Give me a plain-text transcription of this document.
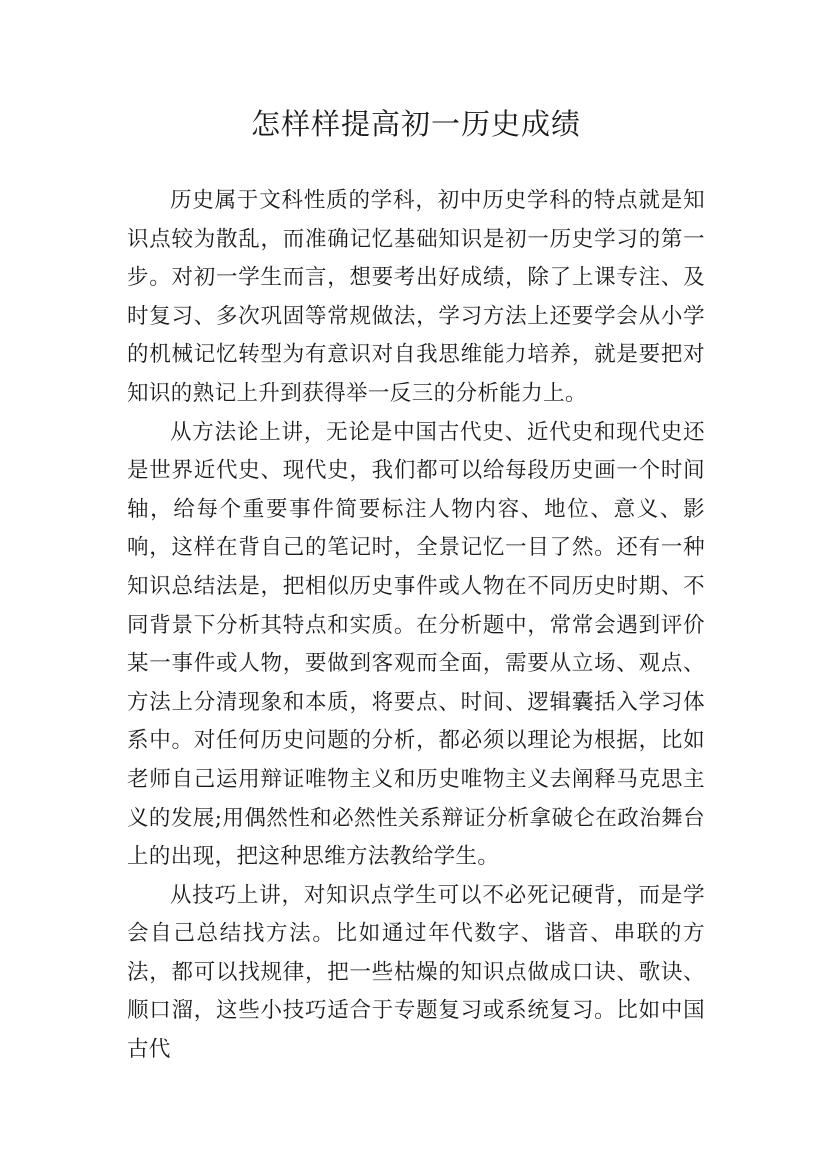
怎样样提高初一历史成绩

历史属于文科性质的学科，初中历史学科的特点就是知识点较为散乱，而准确记忆基础知识是初一历史学习的第一步。对初一学生而言，想要考出好成绩，除了上课专注、及时复习、多次巩固等常规做法，学习方法上还要学会从小学的机械记忆转型为有意识对自我思维能力培养，就是要把对知识的熟记上升到获得举一反三的分析能力上。

从方法论上讲，无论是中国古代史、近代史和现代史还是世界近代史、现代史，我们都可以给每段历史画一个时间轴，给每个重要事件简要标注人物内容、地位、意义、影响，这样在背自己的笔记时，全景记忆一目了然。还有一种知识总结法是，把相似历史事件或人物在不同历史时期、不同背景下分析其特点和实质。在分析题中，常常会遇到评价某一事件或人物，要做到客观而全面，需要从立场、观点、方法上分清现象和本质，将要点、时间、逻辑囊括入学习体系中。对任何历史问题的分析，都必须以理论为根据，比如老师自己运用辩证唯物主义和历史唯物主义去阐释马克思主义的发展;用偶然性和必然性关系辩证分析拿破仑在政治舞台上的出现，把这种思维方法教给学生。

从技巧上讲，对知识点学生可以不必死记硬背，而是学会自己总结找方法。比如通过年代数字、谐音、串联的方法，都可以找规律，把一些枯燥的知识点做成口诀、歌诀、顺口溜，这些小技巧适合于专题复习或系统复习。比如中国古代
